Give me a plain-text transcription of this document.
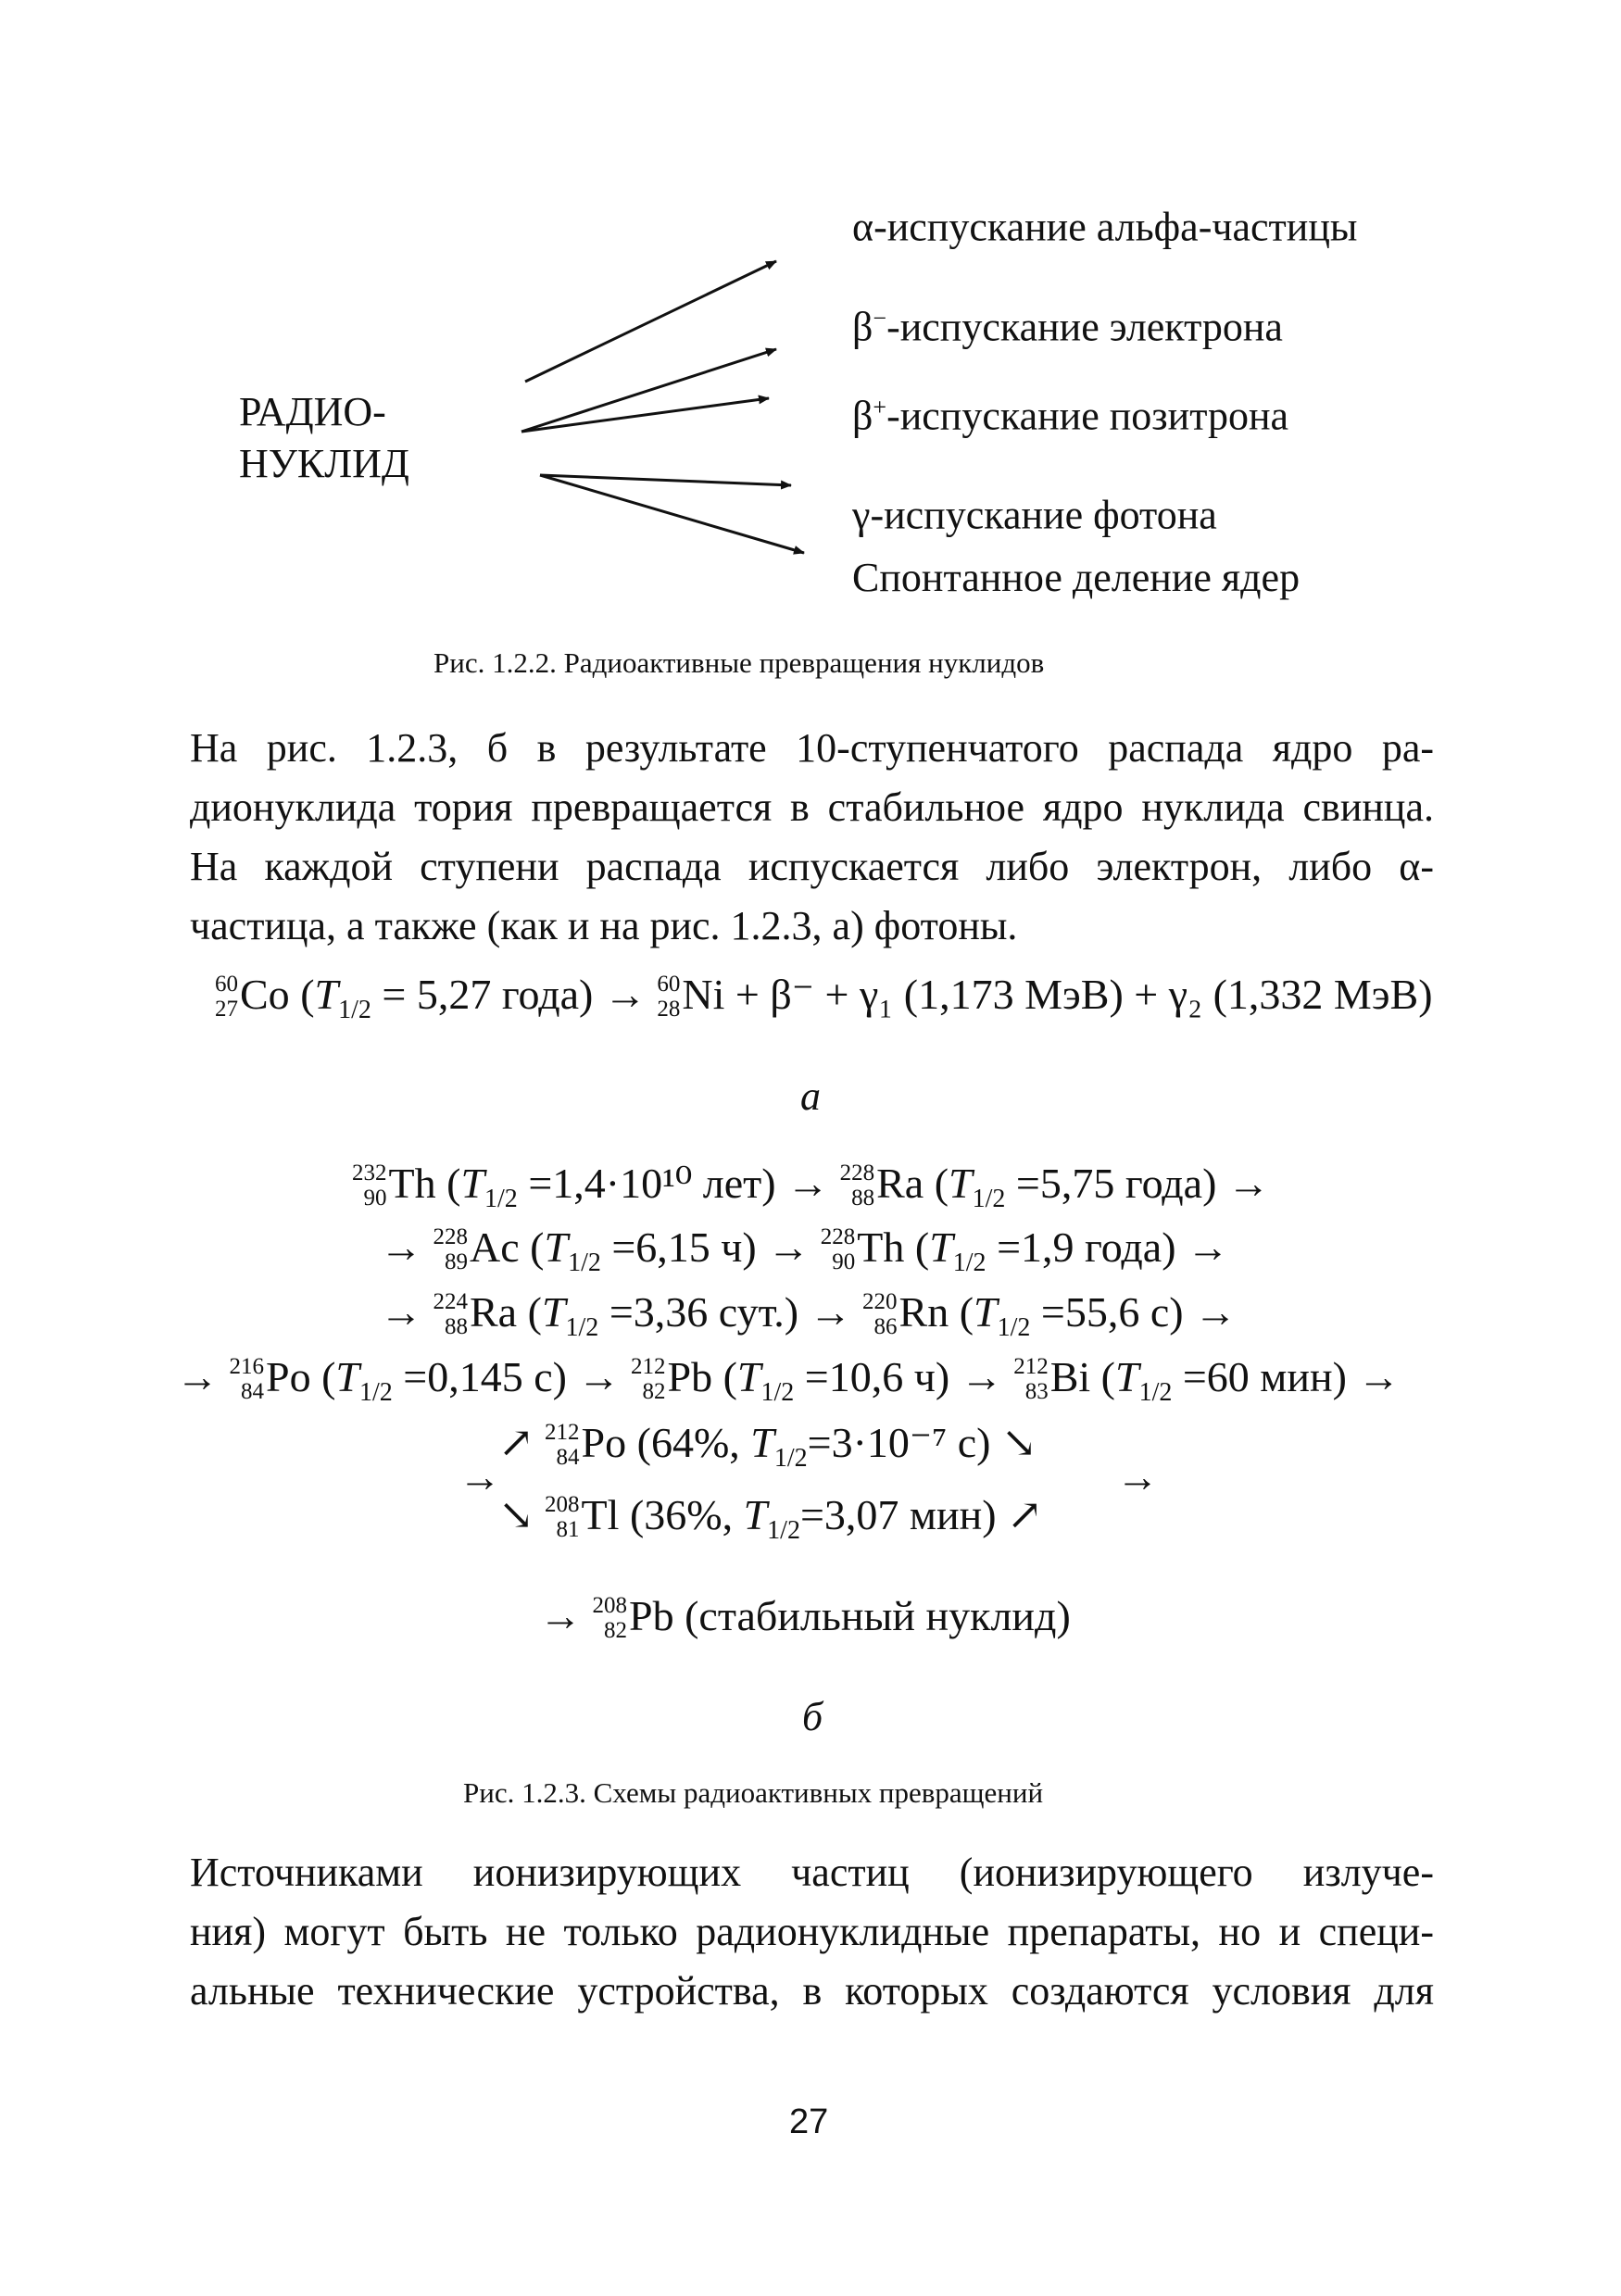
РАДИО-
НУКЛИД
α-испускание альфа-частицы
β−-испускание электрона
β+-испускание позитрона
γ-испускание фотона
Спонтанное деление ядер
Рис. 1.2.2. Радиоактивные превращения нуклидов
На рис. 1.2.3, б в результате 10-ступенчатого распада ядро ра-
дионуклида тория превращается в стабильное ядро нуклида свинца.
На каждой ступени распада испускается либо электрон, либо α-
частица, а также (как и на рис. 1.2.3, а) фотоны.
60
27 Co ($T_{1/2} = 5,27$ года) → 60
28 Ni + β⁻ + γ₁ (1,173 МэВ) + γ₂ (1,332 МэВ)
а
232
90 Th ($T_{1/2} =1,4\cdot 10^{10}$ лет) → 228
88 Ra ($T_{1/2} =5,75$ года) →
→ 228
89 Ac ($T_{1/2} =6,15$ ч) → 228
90 Th ($T_{1/2} =1,9$ года) →
→ 224
88 Ra ($T_{1/2} =3,36$ сут.) → 220
86 Rn ($T_{1/2} =55,6$ с) →
→ 216
84 Po ($T_{1/2} =0,145$ с) → 212
82 Pb ($T_{1/2} =10,6$ ч) → 212
83 Bi ($T_{1/2} =60$ мин) →
→	→
↗ 212
84 Po (64%, $T_{1/2}=3\cdot 10^{-7}$ с) ↘
↘ 208
81 Tl (36%, $T_{1/2}=3,07$ мин) ↗
→ 208
82 Pb (стабильный нуклид)
б
Рис. 1.2.3. Схемы радиоактивных превращений
Источниками ионизирующих частиц (ионизирующего излуче-
ния) могут быть не только радионуклидные препараты, но и специ-
альные технические устройства, в которых создаются условия для
27
